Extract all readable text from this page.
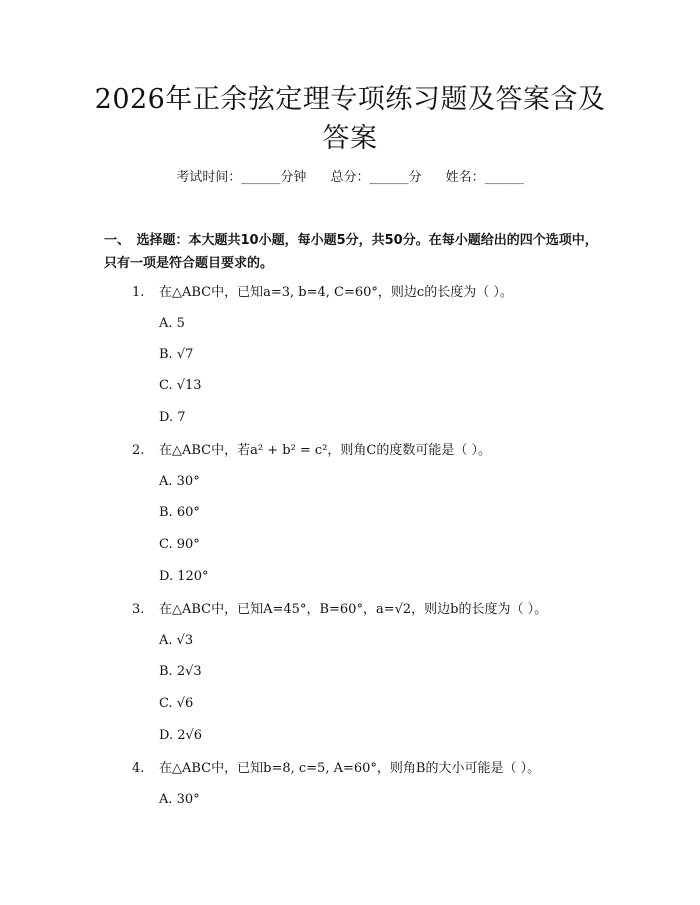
2026年正余弦定理专项练习题及答案含及答案
考试时间：______分钟 总分：______分 姓名：______
一、　选择题：本大题共10小题，每小题5分，共50分。在每小题给出的四个选项中，只有一项是符合题目要求的。
1. 在△ABC中，已知a=3, b=4, C=60°，则边c的长度为（ ）。
A. 5
B. √7
C. √13
D. 7
2. 在△ABC中，若a² + b² = c²，则角C的度数可能是（ ）。
A. 30°
B. 60°
C. 90°
D. 120°
3. 在△ABC中，已知A=45°，B=60°，a=√2，则边b的长度为（ ）。
A. √3
B. 2√3
C. √6
D. 2√6
4. 在△ABC中，已知b=8, c=5, A=60°，则角B的大小可能是（ ）。
A. 30°
